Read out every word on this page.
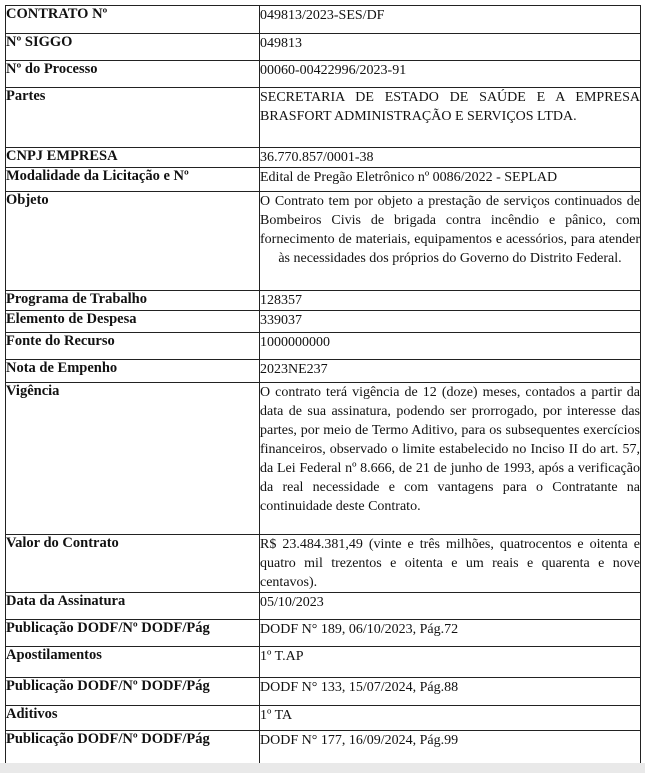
CONTRATO Nº	049813/2023-SES/DF
Nº SIGGO	049813
Nº do Processo	00060-00422996/2023-91
Partes	SECRETARIA DE ESTADO DE SAÚDE E A EMPRESA BRASFORT ADMINISTRAÇÃO E SERVIÇOS LTDA.
CNPJ EMPRESA	36.770.857/0001-38
Modalidade da Licitação e Nº	Edital de Pregão Eletrônico nº 0086/2022 - SEPLAD
Objeto	O Contrato tem por objeto a prestação de serviços continuados de Bombeiros Civis de brigada contra incêndio e pânico, com fornecimento de materiais, equipamentos e acessórios, para atender às necessidades dos próprios do Governo do Distrito Federal.
Programa de Trabalho	128357
Elemento de Despesa	339037
Fonte do Recurso	1000000000
Nota de Empenho	2023NE237
Vigência	O contrato terá vigência de 12 (doze) meses, contados a partir da data de sua assinatura, podendo ser prorrogado, por interesse das partes, por meio de Termo Aditivo, para os subsequentes exercícios financeiros, observado o limite estabelecido no Inciso II do art. 57, da Lei Federal nº 8.666, de 21 de junho de 1993, após a verificação da real necessidade e com vantagens para o Contratante na continuidade deste Contrato.
Valor do Contrato	R$ 23.484.381,49 (vinte e três milhões, quatrocentos e oitenta e quatro mil trezentos e oitenta e um reais e quarenta e nove centavos).
Data da Assinatura	05/10/2023
Publicação DODF/Nº DODF/Pág	DODF N° 189, 06/10/2023, Pág.72
Apostilamentos	1º T.AP
Publicação DODF/Nº DODF/Pág	DODF N° 133, 15/07/2024, Pág.88
Aditivos	1º TA
Publicação DODF/Nº DODF/Pág	DODF N° 177, 16/09/2024, Pág.99
